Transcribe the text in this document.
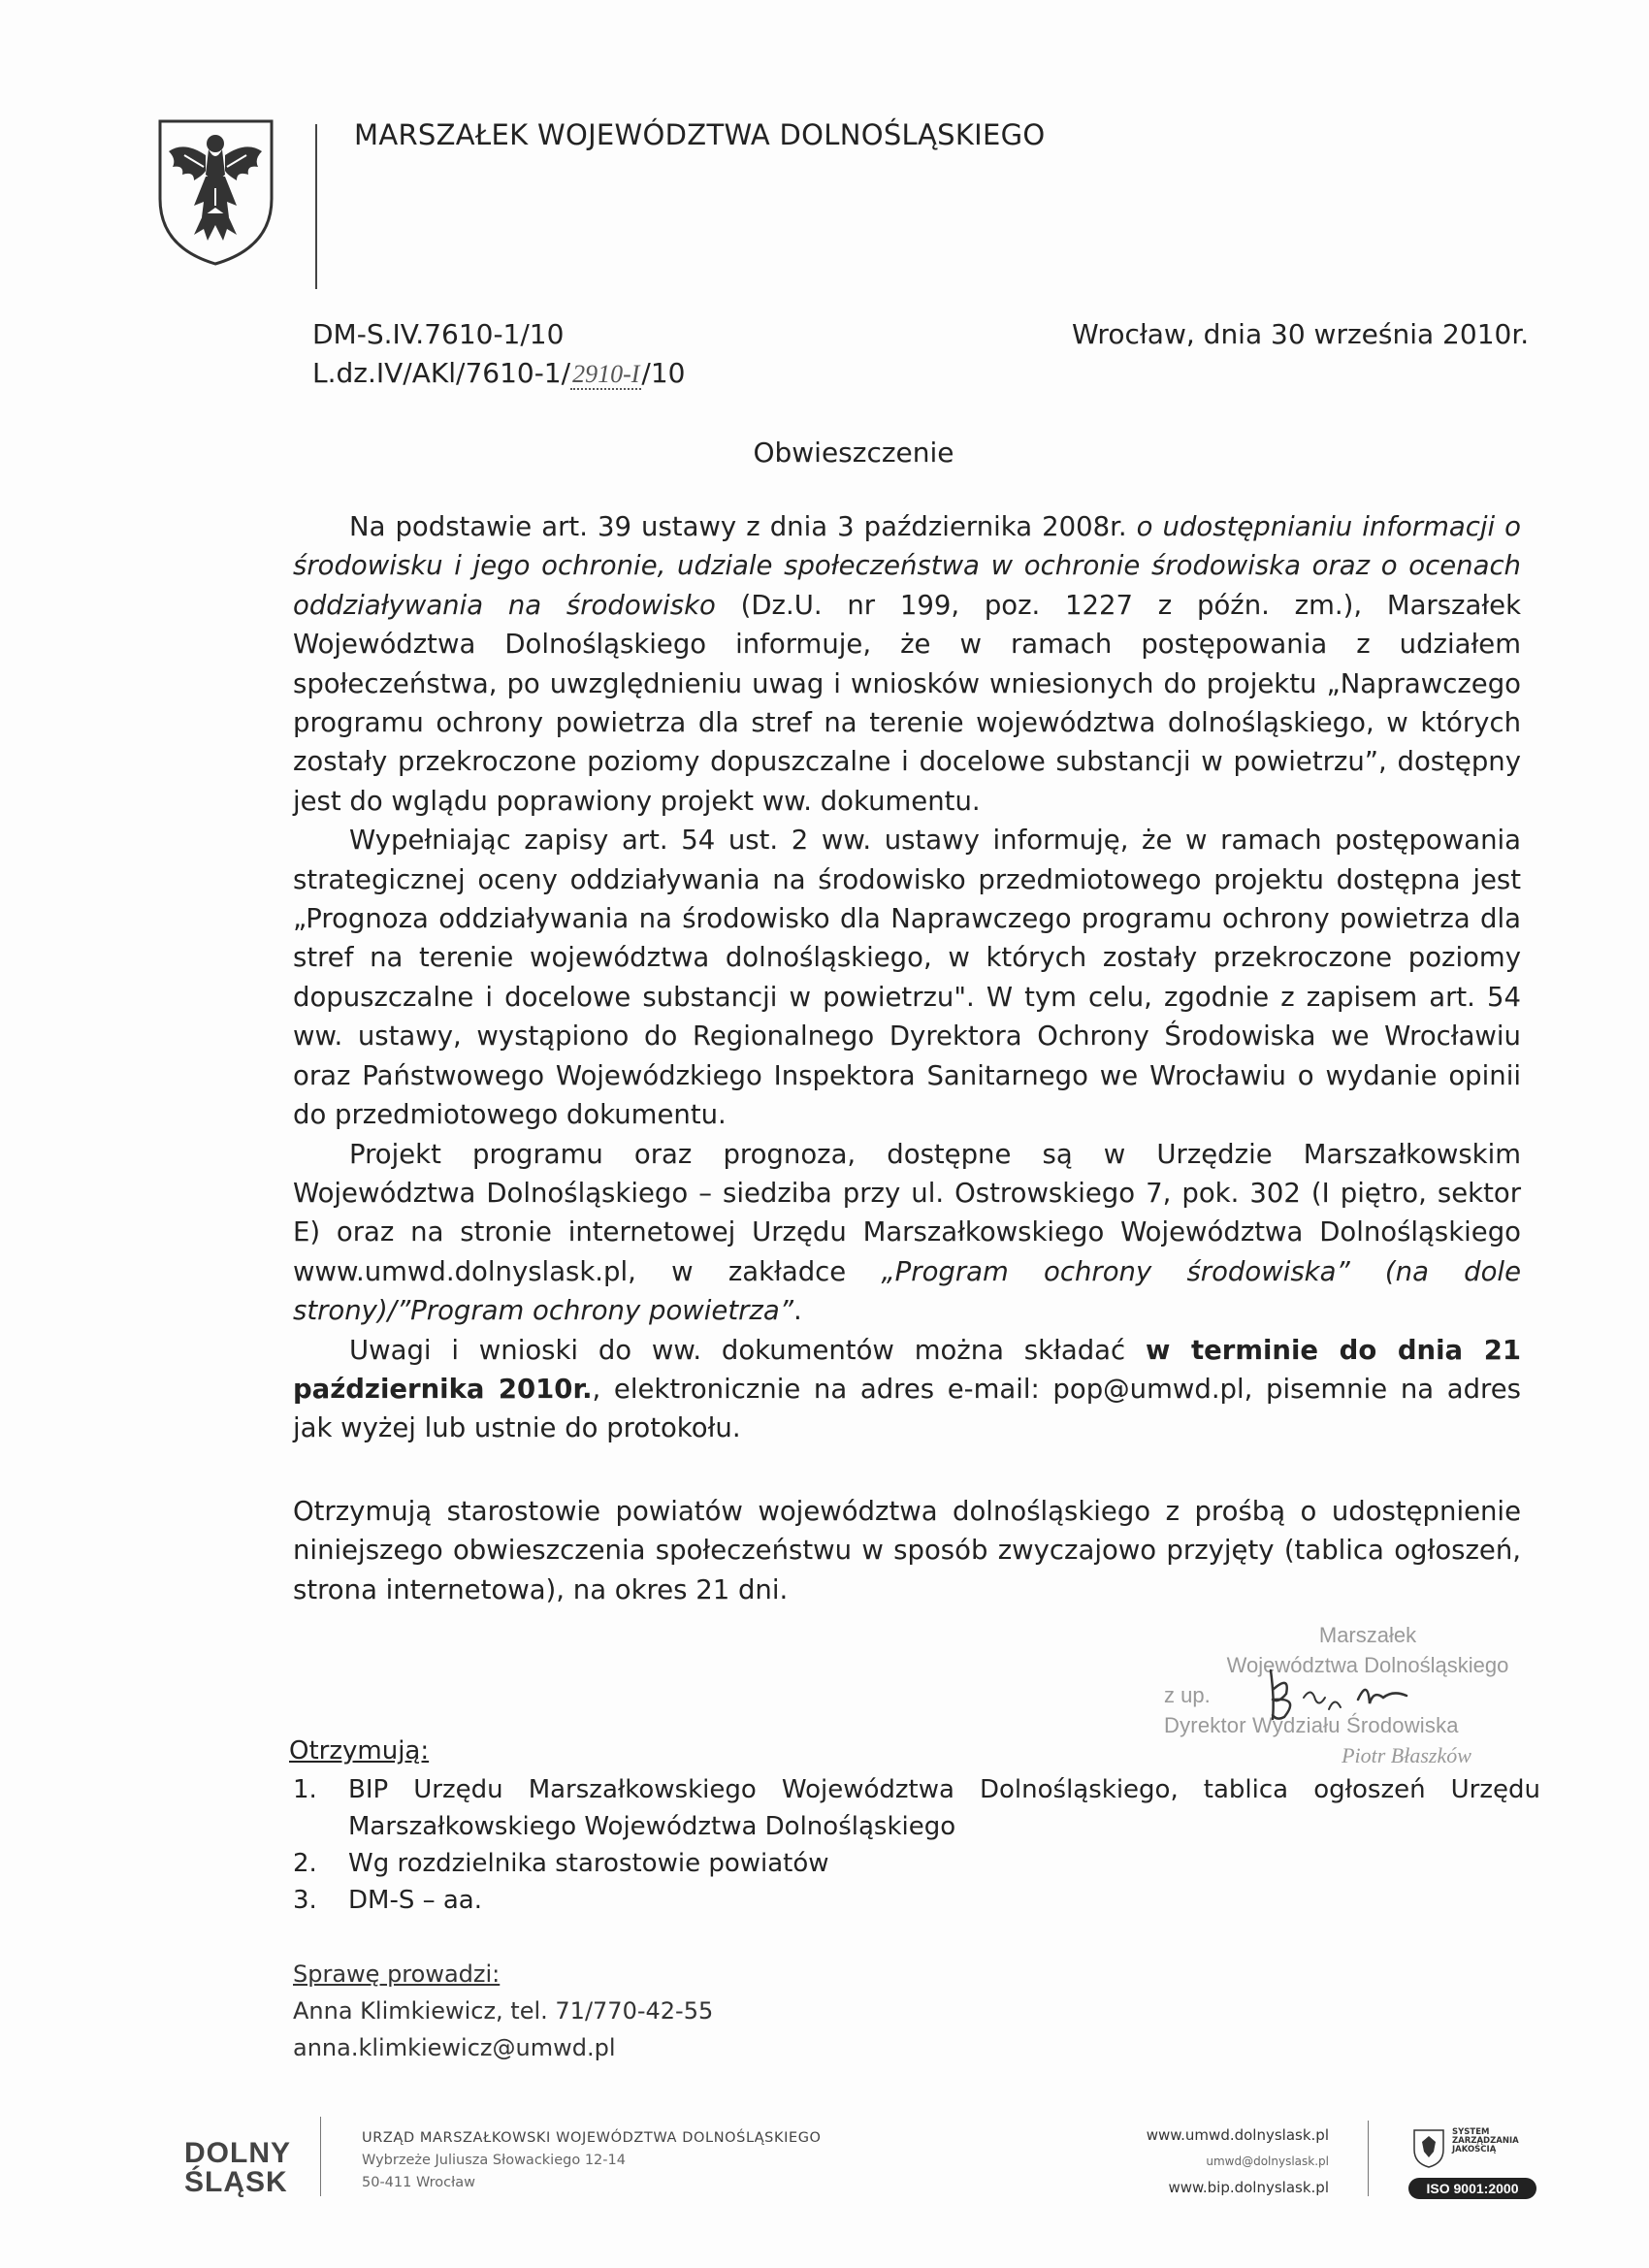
MARSZAŁEK WOJEWÓDZTWA DOLNOŚLĄSKIEGO
DM-S.IV.7610-1/10
L.dz.IV/AKl/7610-1/2910-I/10
Wrocław, dnia 30 września 2010r.
Obwieszczenie

Na podstawie art. 39 ustawy z dnia 3 października 2008r. o udostępnianiu informacji o środowisku i jego ochronie, udziale społeczeństwa w ochronie środowiska oraz o ocenach oddziaływania na środowisko (Dz.U. nr 199, poz. 1227 z późn. zm.), Marszałek Województwa Dolnośląskiego informuje, że w ramach postępowania z udziałem społeczeństwa, po uwzględnieniu uwag i wniosków wniesionych do projektu „Naprawczego programu ochrony powietrza dla stref na terenie województwa dolnośląskiego, w których zostały przekroczone poziomy dopuszczalne i docelowe substancji w powietrzu”, dostępny jest do wglądu poprawiony projekt ww. dokumentu.

Wypełniając zapisy art. 54 ust. 2 ww. ustawy informuję, że w ramach postępowania strategicznej oceny oddziaływania na środowisko przedmiotowego projektu dostępna jest „Prognoza oddziaływania na środowisko dla Naprawczego programu ochrony powietrza dla stref na terenie województwa dolnośląskiego, w których zostały przekroczone poziomy dopuszczalne i docelowe substancji w powietrzu". W tym celu, zgodnie z zapisem art. 54 ww. ustawy, wystąpiono do Regionalnego Dyrektora Ochrony Środowiska we Wrocławiu oraz Państwowego Wojewódzkiego Inspektora Sanitarnego we Wrocławiu o wydanie opinii do przedmiotowego dokumentu.

Projekt programu oraz prognoza, dostępne są w Urzędzie Marszałkowskim Województwa Dolnośląskiego – siedziba przy ul. Ostrowskiego 7, pok. 302 (I piętro, sektor E) oraz na stronie internetowej Urzędu Marszałkowskiego Województwa Dolnośląskiego www.umwd.dolnyslask.pl, w zakładce „Program ochrony środowiska” (na dole strony)/”Program ochrony powietrza”.

Uwagi i wnioski do ww. dokumentów można składać w terminie do dnia 21 października 2010r., elektronicznie na adres e-mail: pop@umwd.pl, pisemnie na adres jak wyżej lub ustnie do protokołu.

Otrzymują starostowie powiatów województwa dolnośląskiego z prośbą o udostępnienie niniejszego obwieszczenia społeczeństwu w sposób zwyczajowo przyjęty (tablica ogłoszeń, strona internetowa), na okres 21 dni.

Marszałek
Województwa Dolnośląskiego
z up.
Dyrektor Wydziału Środowiska
Piotr Błaszków
Otrzymują:
1.	BIP Urzędu Marszałkowskiego Województwa Dolnośląskiego, tablica ogłoszeń Urzędu Marszałkowskiego Województwa Dolnośląskiego
2.	Wg rozdzielnika starostowie powiatów
3.	DM-S – aa.
Sprawę prowadzi:
Anna Klimkiewicz, tel. 71/770-42-55
anna.klimkiewicz@umwd.pl
DOLNY
ŚLĄSK
URZĄD MARSZAŁKOWSKI WOJEWÓDZTWA DOLNOŚLĄSKIEGO
Wybrzeże Juliusza Słowackiego 12-14
50-411 Wrocław
www.umwd.dolnyslask.pl
umwd@dolnyslask.pl
www.bip.dolnyslask.pl
SYSTEM
ZARZĄDZANIA
JAKOŚCIĄ
ISO 9001:2000
